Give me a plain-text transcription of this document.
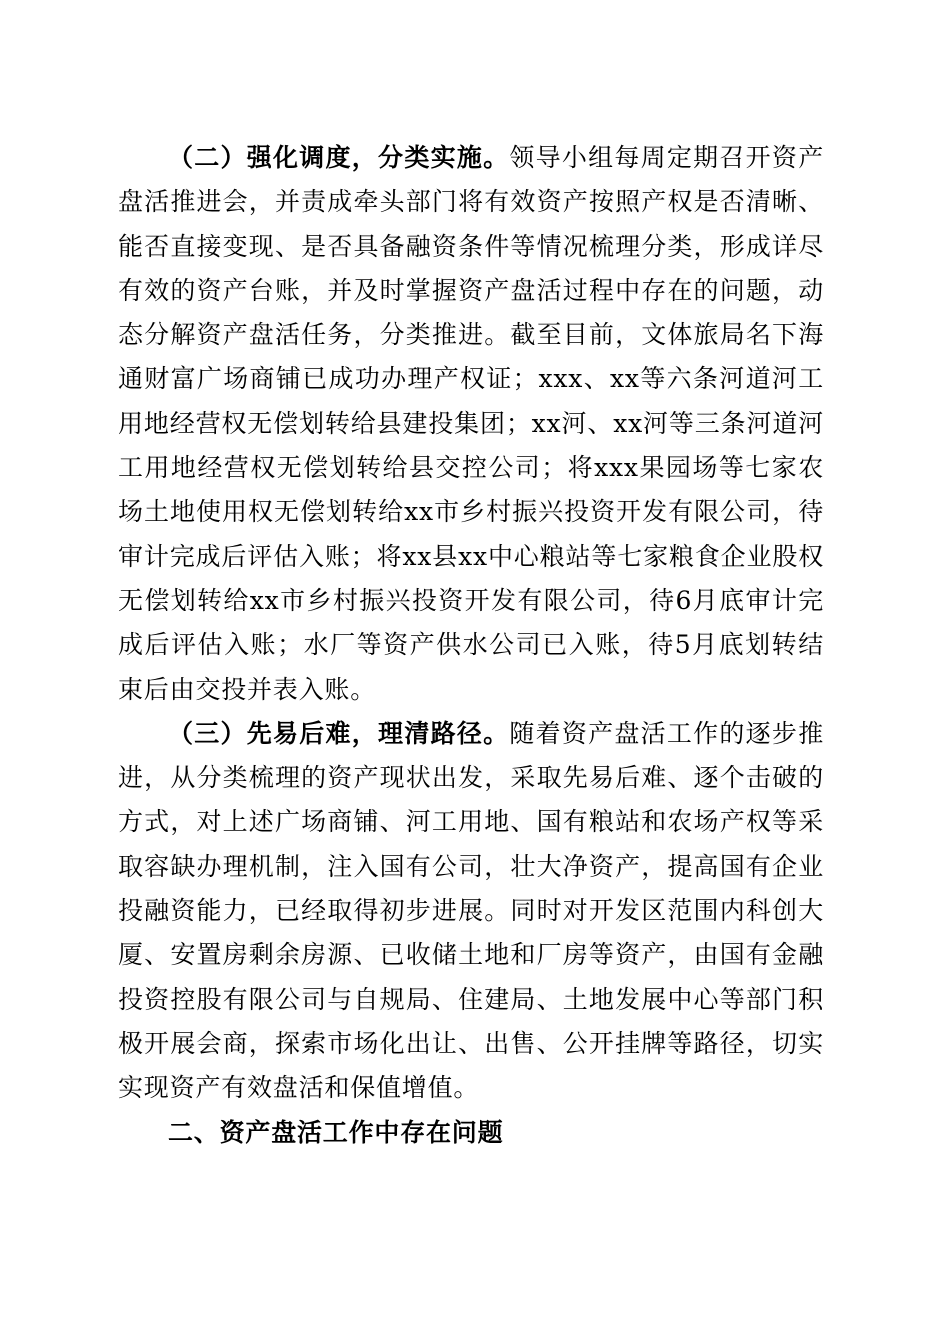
（二）强化调度，分类实施。领导小组每周定期召开资产盘活推进会，并责成牵头部门将有效资产按照产权是否清晰、能否直接变现、是否具备融资条件等情况梳理分类，形成详尽有效的资产台账，并及时掌握资产盘活过程中存在的问题，动态分解资产盘活任务，分类推进。截至目前，文体旅局名下海通财富广场商铺已成功办理产权证；xxx、xx等六条河道河工用地经营权无偿划转给县建投集团；xx河、xx河等三条河道河工用地经营权无偿划转给县交控公司；将xxx果园场等七家农场土地使用权无偿划转给xx市乡村振兴投资开发有限公司，待审计完成后评估入账；将xx县xx中心粮站等七家粮食企业股权无偿划转给xx市乡村振兴投资开发有限公司，待6月底审计完成后评估入账；水厂等资产供水公司已入账，待5月底划转结束后由交投并表入账。

（三）先易后难，理清路径。随着资产盘活工作的逐步推进，从分类梳理的资产现状出发，采取先易后难、逐个击破的方式，对上述广场商铺、河工用地、国有粮站和农场产权等采取容缺办理机制，注入国有公司，壮大净资产，提高国有企业投融资能力，已经取得初步进展。同时对开发区范围内科创大厦、安置房剩余房源、已收储土地和厂房等资产，由国有金融投资控股有限公司与自规局、住建局、土地发展中心等部门积极开展会商，探索市场化出让、出售、公开挂牌等路径，切实实现资产有效盘活和保值增值。

二、资产盘活工作中存在问题
